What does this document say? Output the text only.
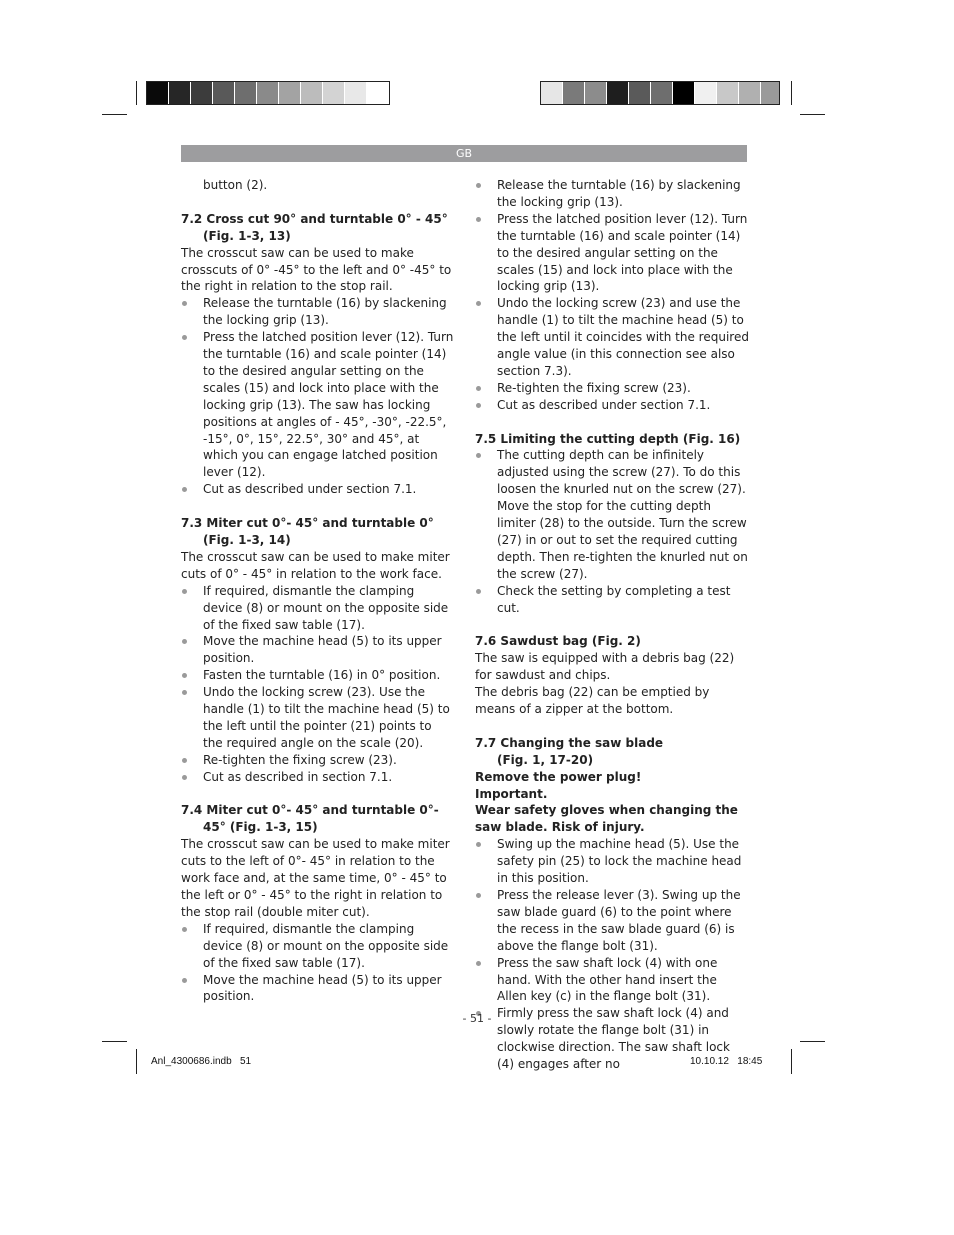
GB

button (2).

7.2 Cross cut 90° and turntable 0° - 45°
(Fig. 1-3, 13)

The crosscut saw can be used to make crosscuts of 0° -45° to the left and 0° -45° to the right in relation to the stop rail.

Release the turntable (16) by slackening the locking grip (13).
Press the latched position lever (12). Turn the turntable (16) and scale pointer (14) to the desired angular setting on the scales (15) and lock into place with the locking grip (13). The saw has locking positions at angles of - 45°, -30°, -22.5°, -15°, 0°, 15°, 22.5°, 30° and 45°, at which you can engage latched position lever (12).
Cut as described under section 7.1.

7.3 Miter cut 0°- 45° and turntable 0°
(Fig. 1-3, 14)

The crosscut saw can be used to make miter cuts of 0° - 45° in relation to the work face.

If required, dismantle the clamping device (8) or mount on the opposite side of the fixed saw table (17).
Move the machine head (5) to its upper position.
Fasten the turntable (16) in 0° position.
Undo the locking screw (23). Use the handle (1) to tilt the machine head (5) to the left until the pointer (21) points to the required angle on the scale (20).
Re-tighten the fixing screw (23).
Cut as described in section 7.1.

7.4 Miter cut 0°- 45° and turntable 0°-
45° (Fig. 1-3, 15)

The crosscut saw can be used to make miter cuts to the left of 0°- 45° in relation to the work face and, at the same time, 0° - 45° to the left or 0° - 45° to the right in relation to the stop rail (double miter cut).

If required, dismantle the clamping device (8) or mount on the opposite side of the fixed saw table (17).
Move the machine head (5) to its upper position.
Release the turntable (16) by slackening the locking grip (13).
Press the latched position lever (12). Turn the turntable (16) and scale pointer (14) to the desired angular setting on the scales (15) and lock into place with the locking grip (13).
Undo the locking screw (23) and use the handle (1) to tilt the machine head (5) to the left until it coincides with the required angle value (in this connection see also section 7.3).
Re-tighten the fixing screw (23).
Cut as described under section 7.1.

7.5 Limiting the cutting depth (Fig. 16)

The cutting depth can be infinitely adjusted using the screw (27). To do this loosen the knurled nut on the screw (27). Move the stop for the cutting depth limiter (28) to the outside. Turn the screw (27) in or out to set the required cutting depth. Then re-tighten the knurled nut on the screw (27).
Check the setting by completing a test cut.

7.6 Sawdust bag (Fig. 2)

The saw is equipped with a debris bag (22) for sawdust and chips.

The debris bag (22) can be emptied by means of a zipper at the bottom.

7.7 Changing the saw blade
(Fig. 1, 17-20)

Remove the power plug!

Important.

Wear safety gloves when changing the saw blade. Risk of injury.

Swing up the machine head (5). Use the safety pin (25) to lock the machine head in this position.
Press the release lever (3). Swing up the saw blade guard (6) to the point where the recess in the saw blade guard (6) is above the flange bolt (31).
Press the saw shaft lock (4) with one hand. With the other hand insert the Allen key (c) in the flange bolt (31).
Firmly press the saw shaft lock (4) and slowly rotate the flange bolt (31) in clockwise direction. The saw shaft lock (4) engages after no
- 51 -
Anl_4300686.indb   51	10.10.12   18:45
